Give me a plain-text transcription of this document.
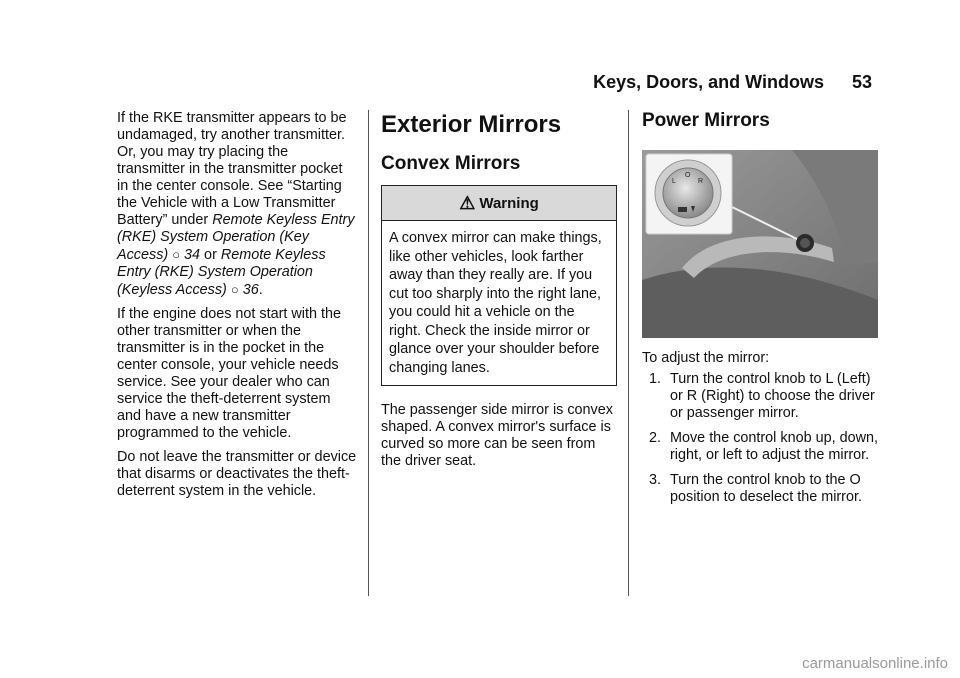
Keys, Doors, and Windows 53

If the RKE transmitter appears to be undamaged, try another transmitter. Or, you may try placing the transmitter in the transmitter pocket in the center console. See “Starting the Vehicle with a Low Transmitter Battery” under Remote Keyless Entry (RKE) System Operation (Key Access) ○ 34 or Remote Keyless Entry (RKE) System Operation (Keyless Access) ○ 36.

If the engine does not start with the other transmitter or when the transmitter is in the pocket in the center console, your vehicle needs service. See your dealer who can service the theft-deterrent system and have a new transmitter programmed to the vehicle.

Do not leave the transmitter or device that disarms or deactivates the theft-deterrent system in the vehicle.

Exterior Mirrors
Convex Mirrors
⚠ Warning
A convex mirror can make things, like other vehicles, look farther away than they really are. If you cut too sharply into the right lane, you could hit a vehicle on the right. Check the inside mirror or glance over your shoulder before changing lanes.

The passenger side mirror is convex shaped. A convex mirror's surface is curved so more can be seen from the driver seat.

Power Mirrors
L
O
R

To adjust the mirror:

1. Turn the control knob to L (Left) or R (Right) to choose the driver or passenger mirror.
2. Move the control knob up, down, right, or left to adjust the mirror.
3. Turn the control knob to the O position to deselect the mirror.
carmanualsonline.info
